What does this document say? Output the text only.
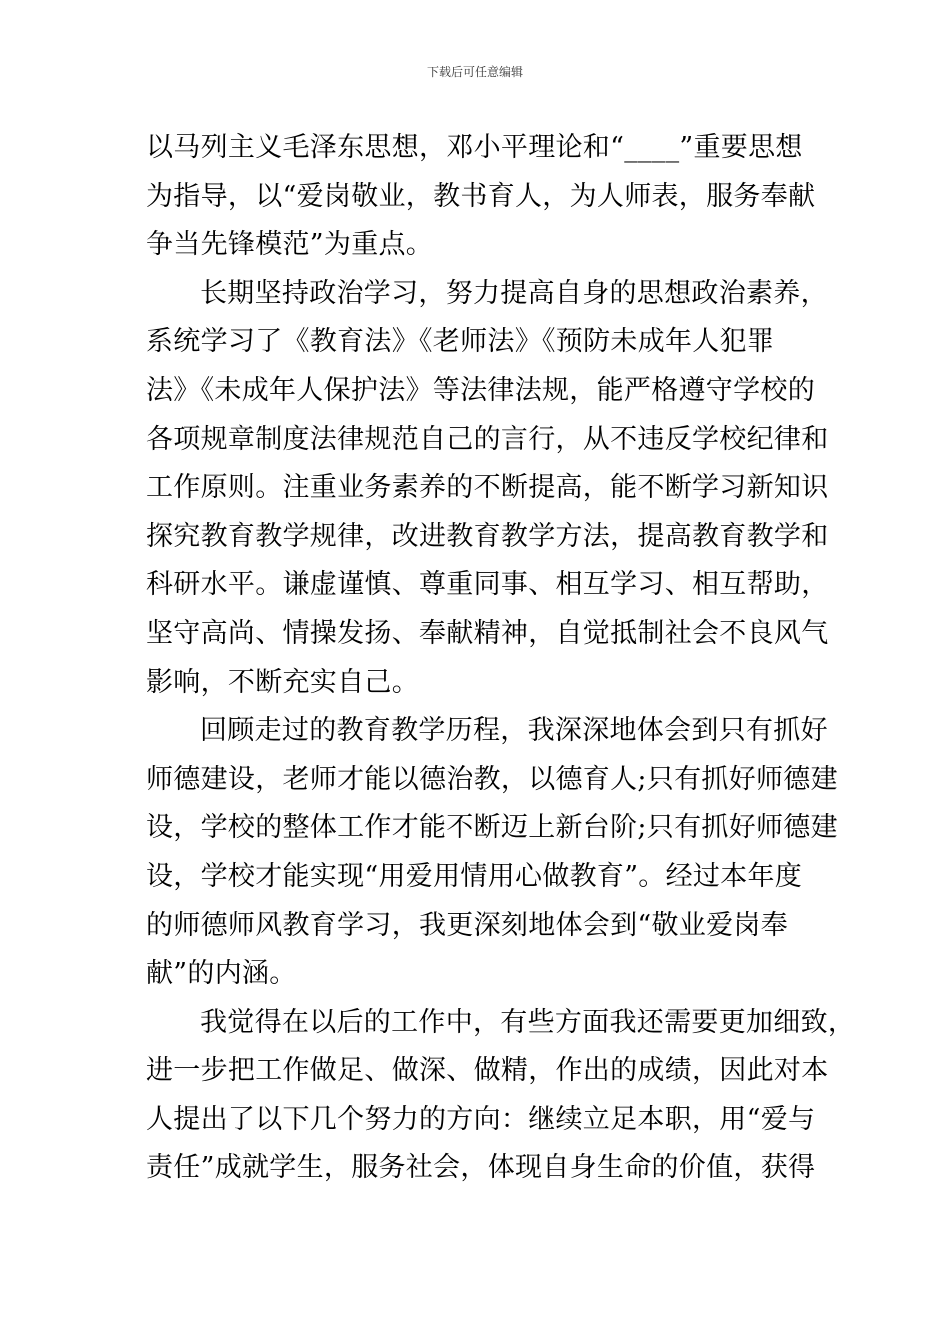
下载后可任意编辑
以马列主义毛泽东思想，邓小平理论和“____”重要思想
为指导，以“爱岗敬业，教书育人，为人师表，服务奉献
争当先锋模范”为重点。
长期坚持政治学习，努力提高自身的思想政治素养，
系统学习了《教育法》《老师法》《预防未成年人犯罪
法》《未成年人保护法》等法律法规，能严格遵守学校的
各项规章制度法律规范自己的言行，从不违反学校纪律和
工作原则。注重业务素养的不断提高，能不断学习新知识
探究教育教学规律，改进教育教学方法，提高教育教学和
科研水平。谦虚谨慎、尊重同事、相互学习、相互帮助，
坚守高尚、情操发扬、奉献精神，自觉抵制社会不良风气
影响，不断充实自己。
回顾走过的教育教学历程，我深深地体会到只有抓好
师德建设，老师才能以德治教，以德育人;只有抓好师德建
设，学校的整体工作才能不断迈上新台阶;只有抓好师德建
设，学校才能实现“用爱用情用心做教育”。经过本年度
的师德师风教育学习，我更深刻地体会到“敬业爱岗奉
献”的内涵。
我觉得在以后的工作中，有些方面我还需要更加细致，
进一步把工作做足、做深、做精，作出的成绩，因此对本
人提出了以下几个努力的方向：继续立足本职，用“爱与
责任”成就学生，服务社会，体现自身生命的价值，获得
